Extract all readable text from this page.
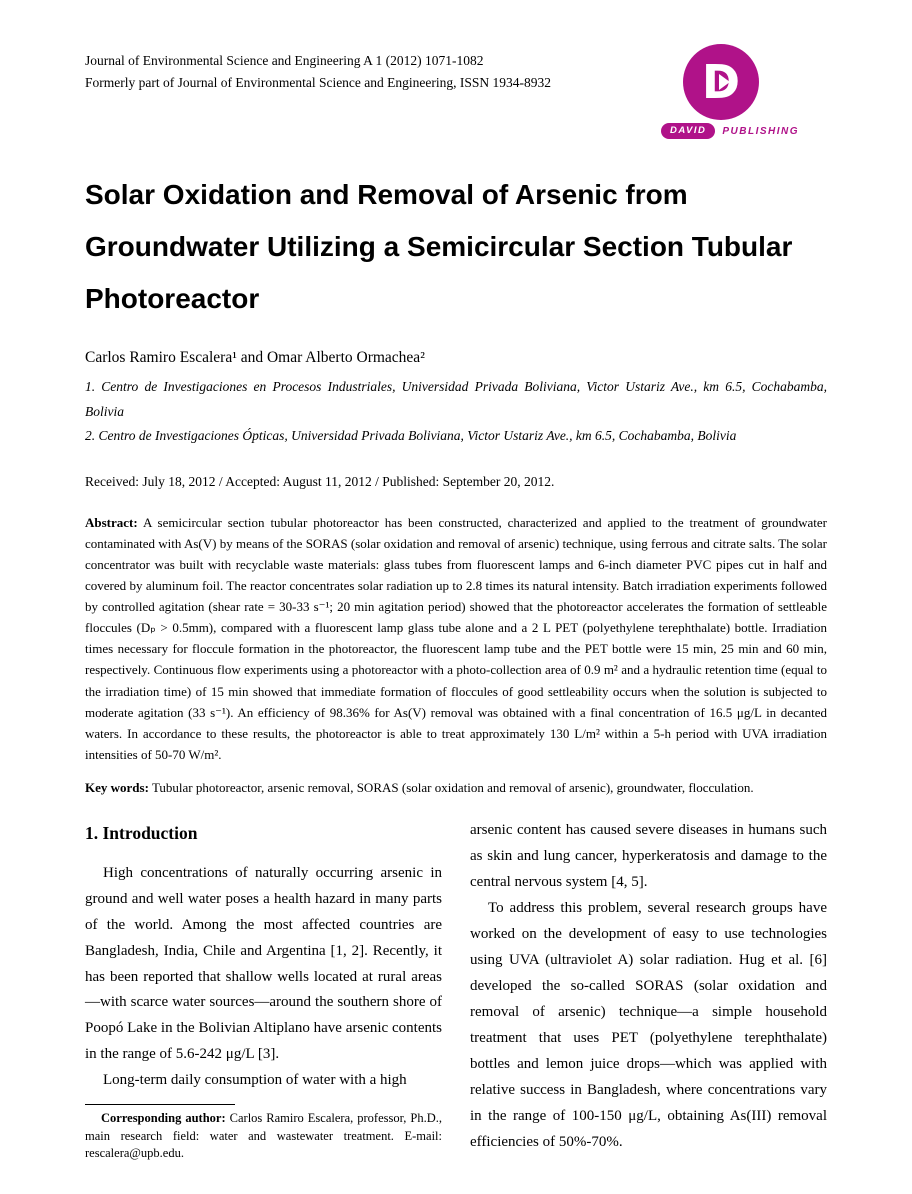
Journal of Environmental Science and Engineering A 1 (2012) 1071-1082
Formerly part of Journal of Environmental Science and Engineering, ISSN 1934-8932	D
DAVID	PUBLISHING
Solar Oxidation and Removal of Arsenic from Groundwater Utilizing a Semicircular Section Tubular Photoreactor
Carlos Ramiro Escalera¹ and Omar Alberto Ormachea²
1. Centro de Investigaciones en Procesos Industriales, Universidad Privada Boliviana, Victor Ustariz Ave., km 6.5, Cochabamba, Bolivia
2. Centro de Investigaciones Ópticas, Universidad Privada Boliviana, Victor Ustariz Ave., km 6.5, Cochabamba, Bolivia
Received: July 18, 2012 / Accepted: August 11, 2012 / Published: September 20, 2012.

Abstract: A semicircular section tubular photoreactor has been constructed, characterized and applied to the treatment of groundwater contaminated with As(V) by means of the SORAS (solar oxidation and removal of arsenic) technique, using ferrous and citrate salts. The solar concentrator was built with recyclable waste materials: glass tubes from fluorescent lamps and 6-inch diameter PVC pipes cut in half and covered by aluminum foil. The reactor concentrates solar radiation up to 2.8 times its natural intensity. Batch irradiation experiments followed by controlled agitation (shear rate = 30-33 s⁻¹; 20 min agitation period) showed that the photoreactor accelerates the formation of settleable floccules (Dₚ > 0.5mm), compared with a fluorescent lamp glass tube alone and a 2 L PET (polyethylene terephthalate) bottle. Irradiation times necessary for floccule formation in the photoreactor, the fluorescent lamp tube and the PET bottle were 15 min, 25 min and 60 min, respectively. Continuous flow experiments using a photoreactor with a photo-collection area of 0.9 m² and a hydraulic retention time (equal to the irradiation time) of 15 min showed that immediate formation of floccules of good settleability occurs when the solution is subjected to moderate agitation (33 s⁻¹). An efficiency of 98.36% for As(V) removal was obtained with a final concentration of 16.5 μg/L in decanted waters. In accordance to these results, the photoreactor is able to treat approximately 130 L/m² within a 5-h period with UVA irradiation intensities of 50-70 W/m².

Key words: Tubular photoreactor, arsenic removal, SORAS (solar oxidation and removal of arsenic), groundwater, flocculation.

1. Introduction

High concentrations of naturally occurring arsenic in ground and well water poses a health hazard in many parts of the world. Among the most affected countries are Bangladesh, India, Chile and Argentina [1, 2]. Recently, it has been reported that shallow wells located at rural areas—with scarce water sources—around the southern shore of Poopó Lake in the Bolivian Altiplano have arsenic contents in the range of 5.6-242 μg/L [3].

Long-term daily consumption of water with a high

Corresponding author: Carlos Ramiro Escalera, professor, Ph.D., main research field: water and wastewater treatment. E-mail: rescalera@upb.edu.

arsenic content has caused severe diseases in humans such as skin and lung cancer, hyperkeratosis and damage to the central nervous system [4, 5].

To address this problem, several research groups have worked on the development of easy to use technologies using UVA (ultraviolet A) solar radiation. Hug et al. [6] developed the so-called SORAS (solar oxidation and removal of arsenic) technique—a simple household treatment that uses PET (polyethylene terephthalate) bottles and lemon juice drops—which was applied with relative success in Bangladesh, where concentrations vary in the range of 100-150 μg/L, obtaining As(III) removal efficiencies of 50%-70%.
